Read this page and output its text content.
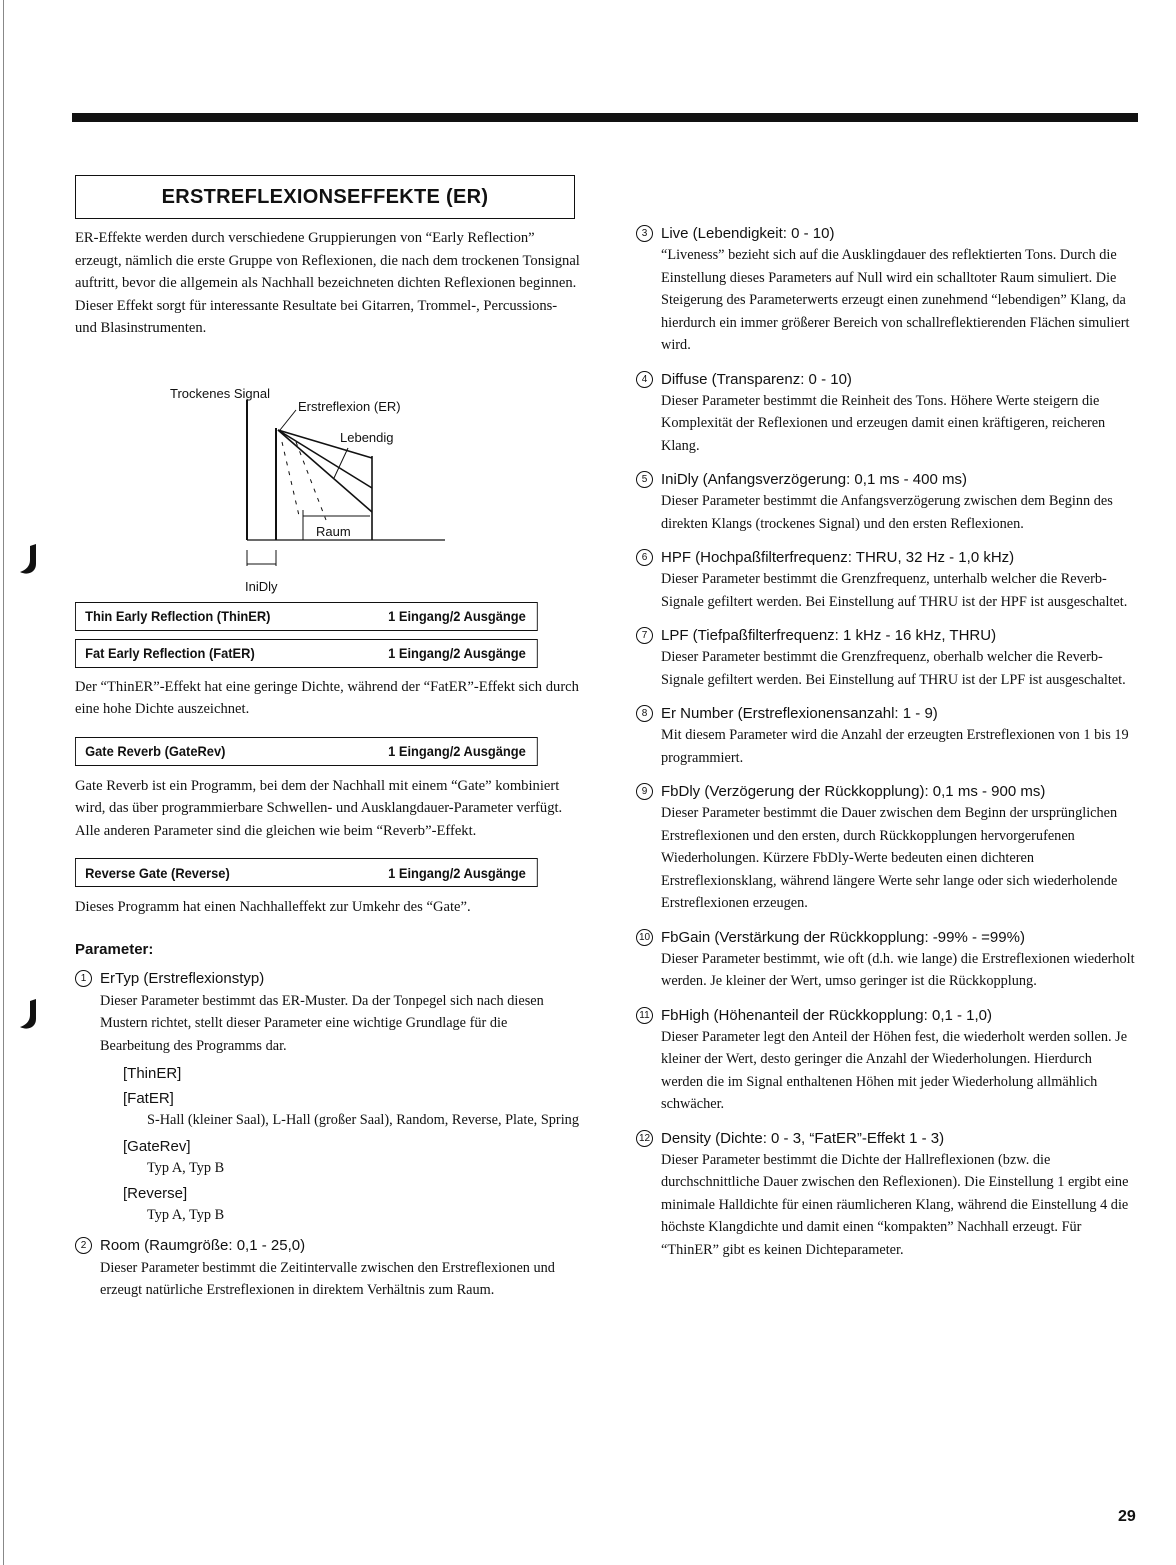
ERSTREFLEXIONSEFFEKTE (ER)

ER-Effekte werden durch verschiedene Gruppierungen von “Early Reflection” erzeugt, nämlich die erste Gruppe von Reflexionen, die nach dem trockenen Tonsignal auftritt, bevor die allgemein als Nachhall bezeichneten dichten Reflexionen beginnen. Dieser Effekt sorgt für interessante Resultate bei Gitarren, Trommel-, Percussions- und Blasinstrumenten.

Thin Early Reflection (ThinER)	1 Eingang/2 Ausgänge
Fat Early Reflection (FatER)	1 Eingang/2 Ausgänge

Der “ThinER”-Effekt hat eine geringe Dichte, während der “FatER”-Effekt sich durch eine hohe Dichte auszeichnet.

Gate Reverb (GateRev)	1 Eingang/2 Ausgänge

Gate Reverb ist ein Programm, bei dem der Nachhall mit einem “Gate” kombiniert wird, das über programmierbare Schwellen- und Ausklangdauer-Parameter verfügt. Alle anderen Parameter sind die gleichen wie beim “Reverb”-Effekt.

Reverse Gate (Reverse)	1 Eingang/2 Ausgänge

Dieses Programm hat einen Nachhalleffekt zur Umkehr des “Gate”.

Parameter:

1 ErTyp (Erstreflexionstyp)

Dieser Parameter bestimmt das ER-Muster. Da der Tonpegel sich nach diesen Mustern richtet, stellt dieser Parameter eine wichtige Grundlage für die Bearbeitung des Programms dar.

[ThinER]

[FatER]

S-Hall (kleiner Saal), L-Hall (großer Saal), Random, Reverse, Plate, Spring

[GateRev]

Typ A, Typ B

[Reverse]

Typ A, Typ B

2 Room (Raumgröße: 0,1 - 25,0)

Dieser Parameter bestimmt die Zeitintervalle zwischen den Erstreflexionen und erzeugt natürliche Erstreflexionen in direktem Verhältnis zum Raum.

Trockenes Signal
Erstreflexion (ER)
Lebendig
Raum
IniDly

3 Live (Lebendigkeit: 0 - 10)

“Liveness” bezieht sich auf die Ausklingdauer des reflektierten Tons. Durch die Einstellung dieses Parameters auf Null wird ein schalltoter Raum simuliert. Die Steigerung des Parameterwerts erzeugt einen zunehmend “lebendigen” Klang, da hierdurch ein immer größerer Bereich von schallreflektierenden Flächen simuliert wird.

4 Diffuse (Transparenz: 0 - 10)

Dieser Parameter bestimmt die Reinheit des Tons. Höhere Werte steigern die Komplexität der Reflexionen und erzeugen damit einen kräftigeren, reicheren Klang.

5 IniDly (Anfangsverzögerung: 0,1 ms - 400 ms)

Dieser Parameter bestimmt die Anfangsverzögerung zwischen dem Beginn des direkten Klangs (trockenes Signal) und den ersten Reflexionen.

6 HPF (Hochpaßfilterfrequenz: THRU, 32 Hz - 1,0 kHz)

Dieser Parameter bestimmt die Grenzfrequenz, unterhalb welcher die Reverb-Signale gefiltert werden. Bei Einstellung auf THRU ist der HPF ist ausgeschaltet.

7 LPF (Tiefpaßfilterfrequenz: 1 kHz - 16 kHz, THRU)

Dieser Parameter bestimmt die Grenzfrequenz, oberhalb welcher die Reverb-Signale gefiltert werden. Bei Einstellung auf THRU ist der LPF ist ausgeschaltet.

8 Er Number (Erstreflexionensanzahl: 1 - 9)

Mit diesem Parameter wird die Anzahl der erzeugten Erstreflexionen von 1 bis 19 programmiert.

9 FbDly (Verzögerung der Rückkopplung): 0,1 ms - 900 ms)

Dieser Parameter bestimmt die Dauer zwischen dem Beginn der ursprünglichen Erstreflexionen und den ersten, durch Rückkopplungen hervorgerufenen Wiederholungen. Kürzere FbDly-Werte bedeuten einen dichteren Erstreflexionsklang, während längere Werte sehr lange oder sich wiederholende Erstreflexionen erzeugen.

10 FbGain (Verstärkung der Rückkopplung: -99% - =99%)

Dieser Parameter bestimmt, wie oft (d.h. wie lange) die Erstreflexionen wiederholt werden. Je kleiner der Wert, umso geringer ist die Rückkopplung.

11 FbHigh (Höhenanteil der Rückkopplung: 0,1 - 1,0)

Dieser Parameter legt den Anteil der Höhen fest, die wiederholt werden sollen. Je kleiner der Wert, desto geringer die Anzahl der Wiederholungen. Hierdurch werden die im Signal enthaltenen Höhen mit jeder Wiederholung allmählich schwächer.

12 Density (Dichte: 0 - 3, “FatER”-Effekt 1 - 3)

Dieser Parameter bestimmt die Dichte der Hallreflexionen (bzw. die durchschnittliche Dauer zwischen den Reflexionen). Die Einstellung 1 ergibt eine minimale Halldichte für einen räumlicheren Klang, während die Einstellung 4 die höchste Klangdichte und damit einen “kompakten” Nachhall erzeugt. Für “ThinER” gibt es keinen Dichteparameter.

29
